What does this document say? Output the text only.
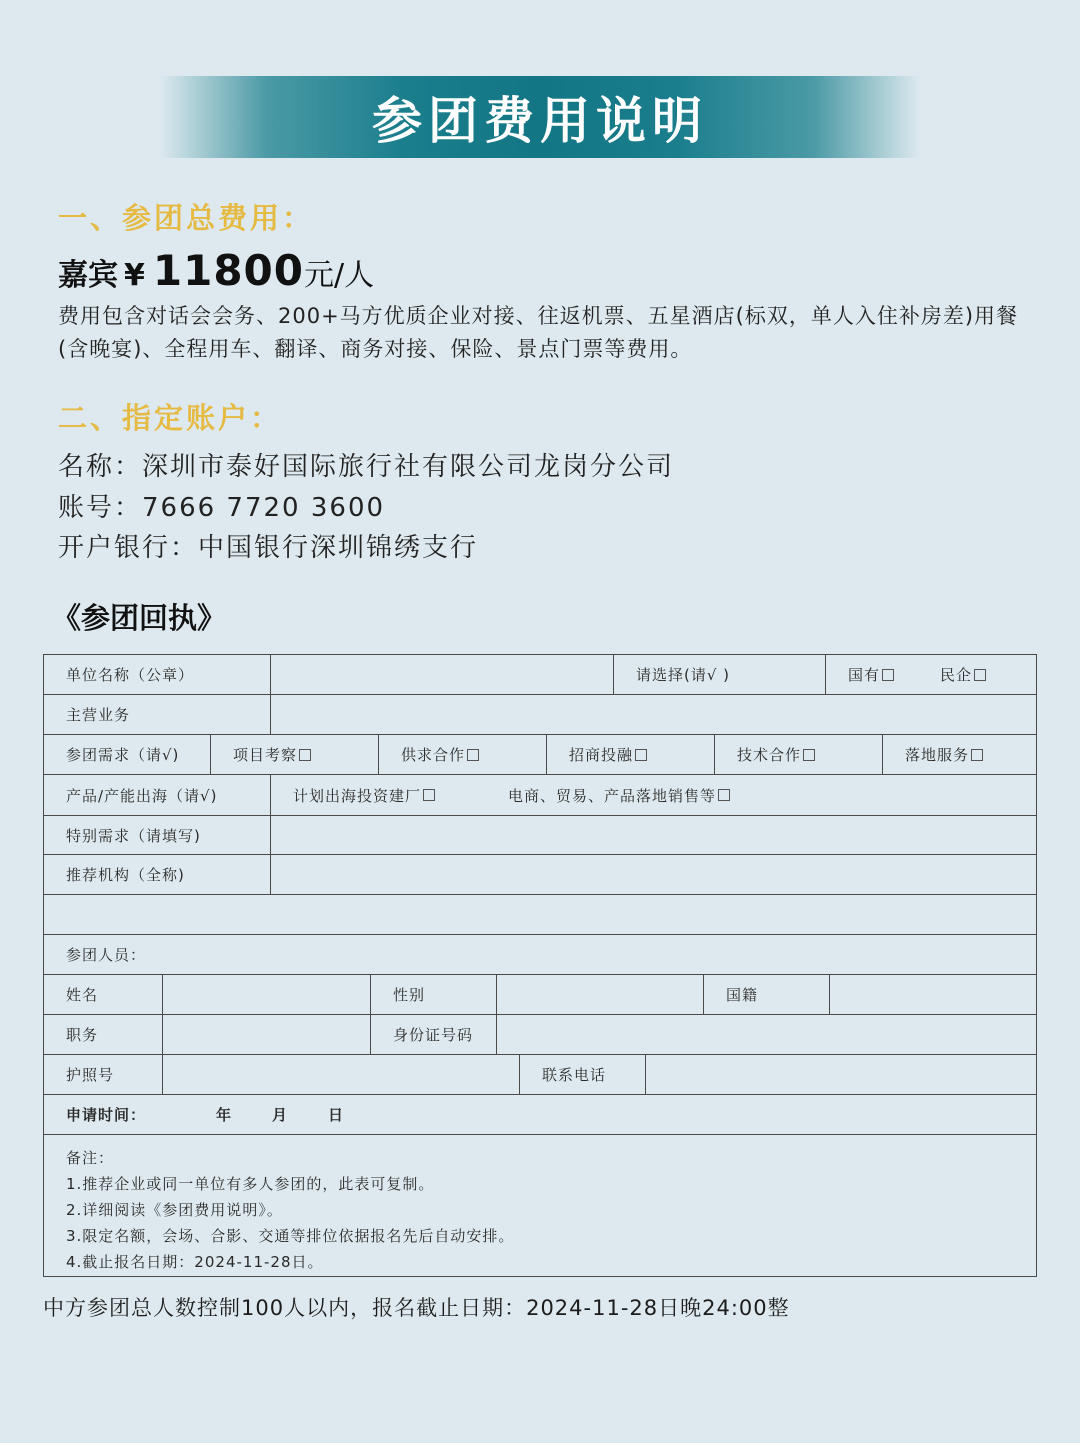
参团费用说明
一、参团总费用：
嘉宾 ¥ 11800 元/人
费用包含对话会会务、200+马方优质企业对接、往返机票、五星酒店(标双，单人入住补房差)用餐(含晚宴)、全程用车、翻译、商务对接、保险、景点门票等费用。
二、指定账户：
名称：深圳市泰好国际旅行社有限公司龙岗分公司
账号：7666 7720 3600
开户银行：中国银行深圳锦绣支行
《参团回执》
单位名称（公章）	请选择(请√ )	国有	民企
主营业务
参团需求（请√)	项目考察	供求合作	招商投融	技术合作	落地服务
产品/产能出海（请√)	计划出海投资建厂	电商、贸易、产品落地销售等
特别需求（请填写)
推荐机构（全称)
参团人员：
姓名	性别	国籍
职务	身份证号码
护照号	联系电话
申请时间：	年	月	日
备注：
1.推荐企业或同一单位有多人参团的，此表可复制。
2.详细阅读《参团费用说明》。
3.限定名额，会场、合影、交通等排位依据报名先后自动安排。
4.截止报名日期：2024-11-28日。
中方参团总人数控制100人以内，报名截止日期：2024-11-28日晚24:00整
